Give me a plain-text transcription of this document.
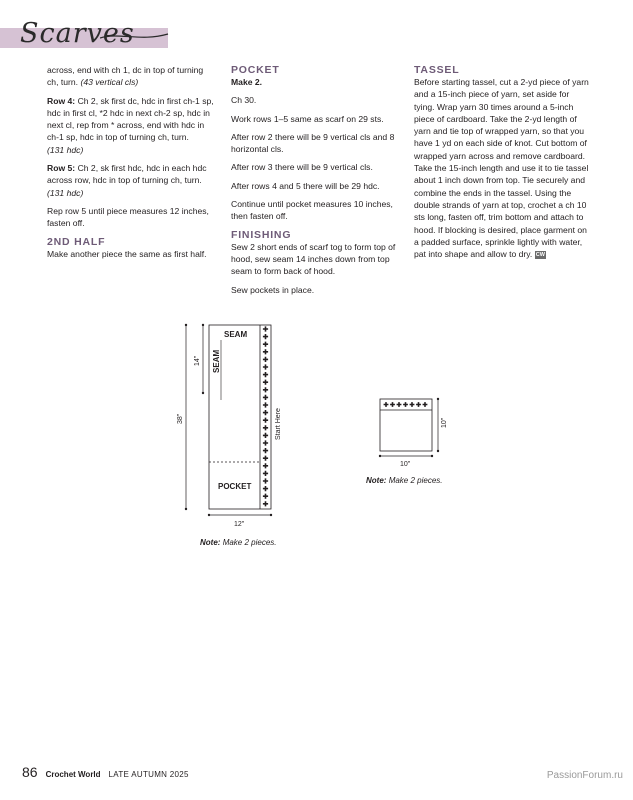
Scarves

across, end with ch 1, dc in top of turning ch, turn. (43 vertical cls)

Row 4: Ch 2, sk first dc, hdc in first ch-1 sp, hdc in first cl, *2 hdc in next ch-2 sp, hdc in next cl, rep from * across, end with hdc in ch-1 sp, hdc in top of turning ch, turn.
(131 hdc)

Row 5: Ch 2, sk first hdc, hdc in each hdc across row, hdc in top of turning ch, turn.
(131 hdc)

Rep row 5 until piece measures 12 inches, fasten off.

2ND HALF

Make another piece the same as first half.

POCKET

Make 2.

Ch 30.

Work rows 1–5 same as scarf on 29 sts.

After row 2 there will be 9 vertical cls and 8 horizontal cls.

After row 3 there will be 9 vertical cls.

After rows 4 and 5 there will be 29 hdc.

Continue until pocket measures 10 inches, then fasten off.

FINISHING

Sew 2 short ends of scarf tog to form top of hood, sew seam 14 inches down from top seam to form back of hood.

Sew pockets in place.

TASSEL

Before starting tassel, cut a 2-yd piece of yarn and a 15-inch piece of yarn, set aside for tying. Wrap yarn 30 times around a 5-inch piece of cardboard. Take the 2-yd length of yarn and tie top of wrapped yarn, so that you have 1 yd on each side of knot. Cut bottom of wrapped yarn across and remove cardboard. Take the 15-inch length and use it to tie tassel about 1 inch down from top. Tie securely and combine the ends in the tassel. Using the double strands of yarn at top, crochet a ch 10 sts long, fasten off, trim bottom and attach to hood. If blocking is desired, place garment on a padded surface, sprinkle lightly with water, pat into shape and allow to dry. CW

SEAM
SEAM
POCKET
Start Here
14"
38"
12"
10"
10"
Note: Make 2 pieces.
Note: Make 2 pieces.
86 Crochet World LATE AUTUMN 2025	PassionForum.ru
